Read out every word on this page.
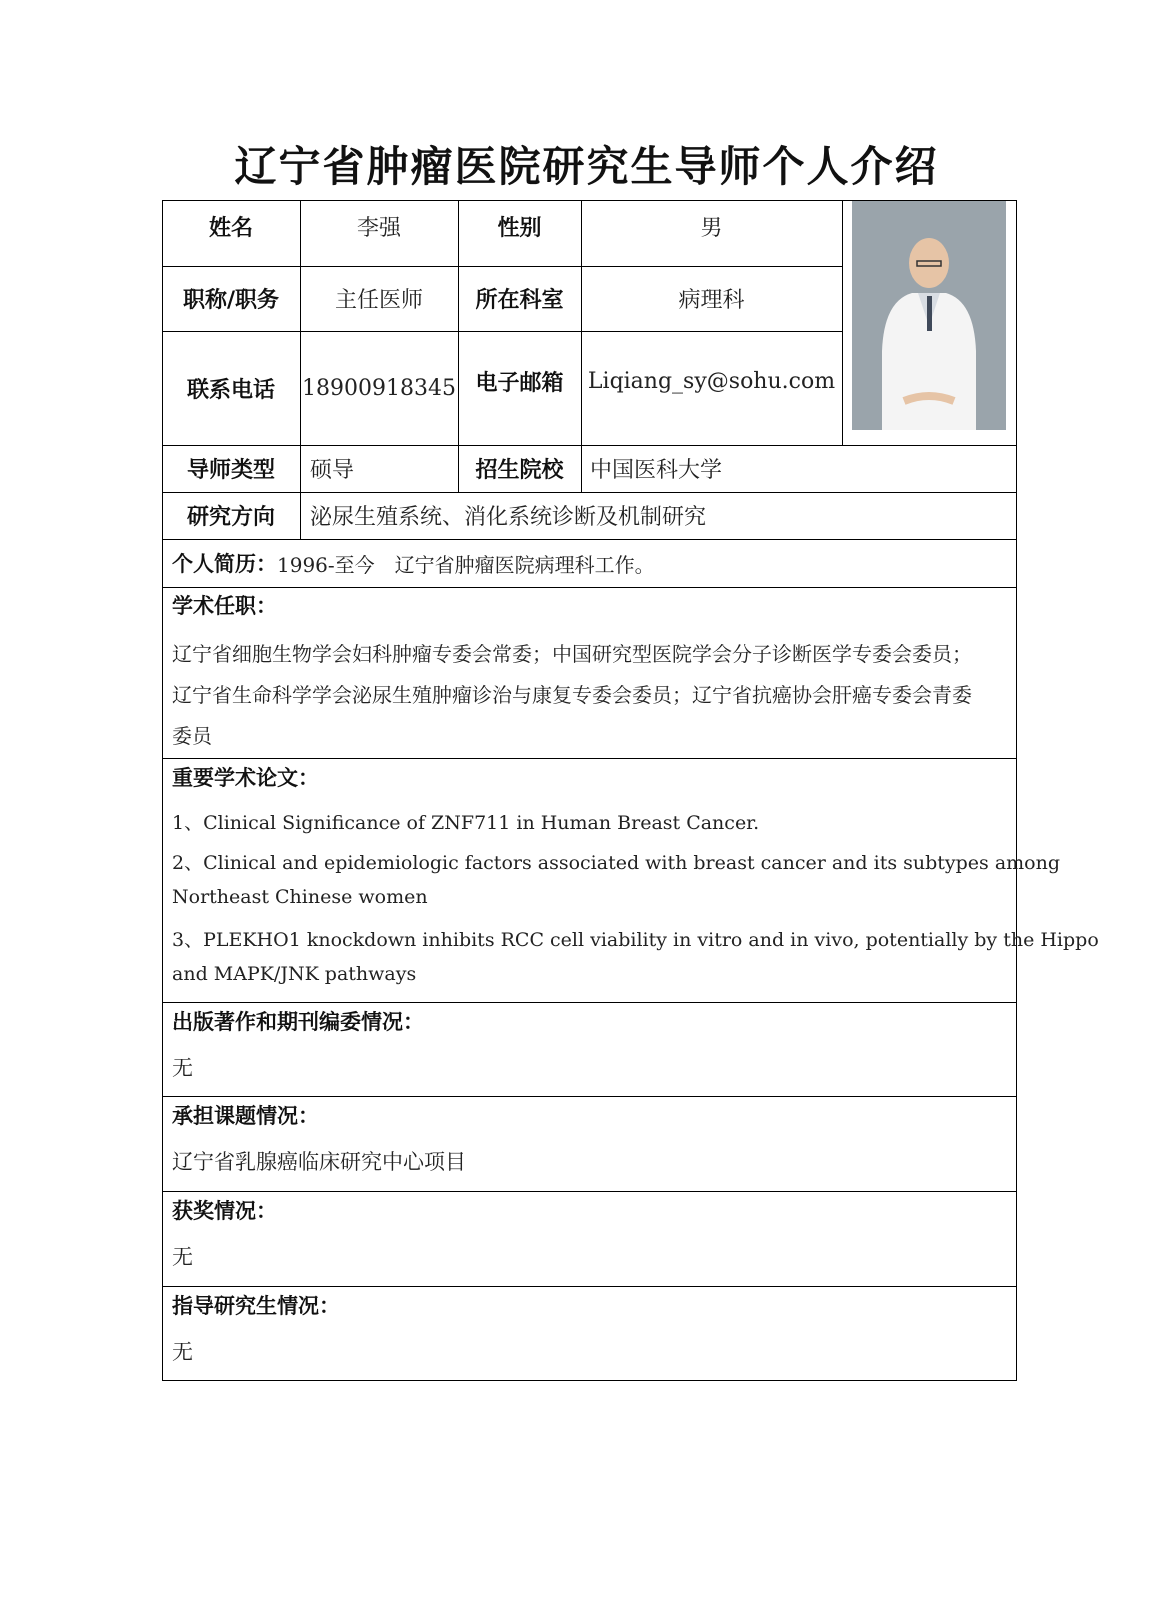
辽宁省肿瘤医院研究生导师个人介绍
姓名	李强	性别	男
职称/职务	主任医师	所在科室	病理科
联系电话	18900918345 电子邮箱	Liqiang_sy@sohu.com
导师类型	硕导	招生院校	中国医科大学
研究方向	泌尿生殖系统、消化系统诊断及机制研究
个人简历： 1996-至今　辽宁省肿瘤医院病理科工作。
学术任职：
辽宁省细胞生物学会妇科肿瘤专委会常委；中国研究型医院学会分子诊断医学专委会委员；
辽宁省生命科学学会泌尿生殖肿瘤诊治与康复专委会委员；辽宁省抗癌协会肝癌专委会青委
委员
重要学术论文：
1、Clinical Significance of ZNF711 in Human Breast Cancer.
2、Clinical and epidemiologic factors associated with breast cancer and its subtypes among
Northeast Chinese women
3、PLEKHO1 knockdown inhibits RCC cell viability in vitro and in vivo, potentially by the Hippo
and MAPK/JNK pathways
出版著作和期刊编委情况：
无
承担课题情况：
辽宁省乳腺癌临床研究中心项目
获奖情况：
无
指导研究生情况：
无
